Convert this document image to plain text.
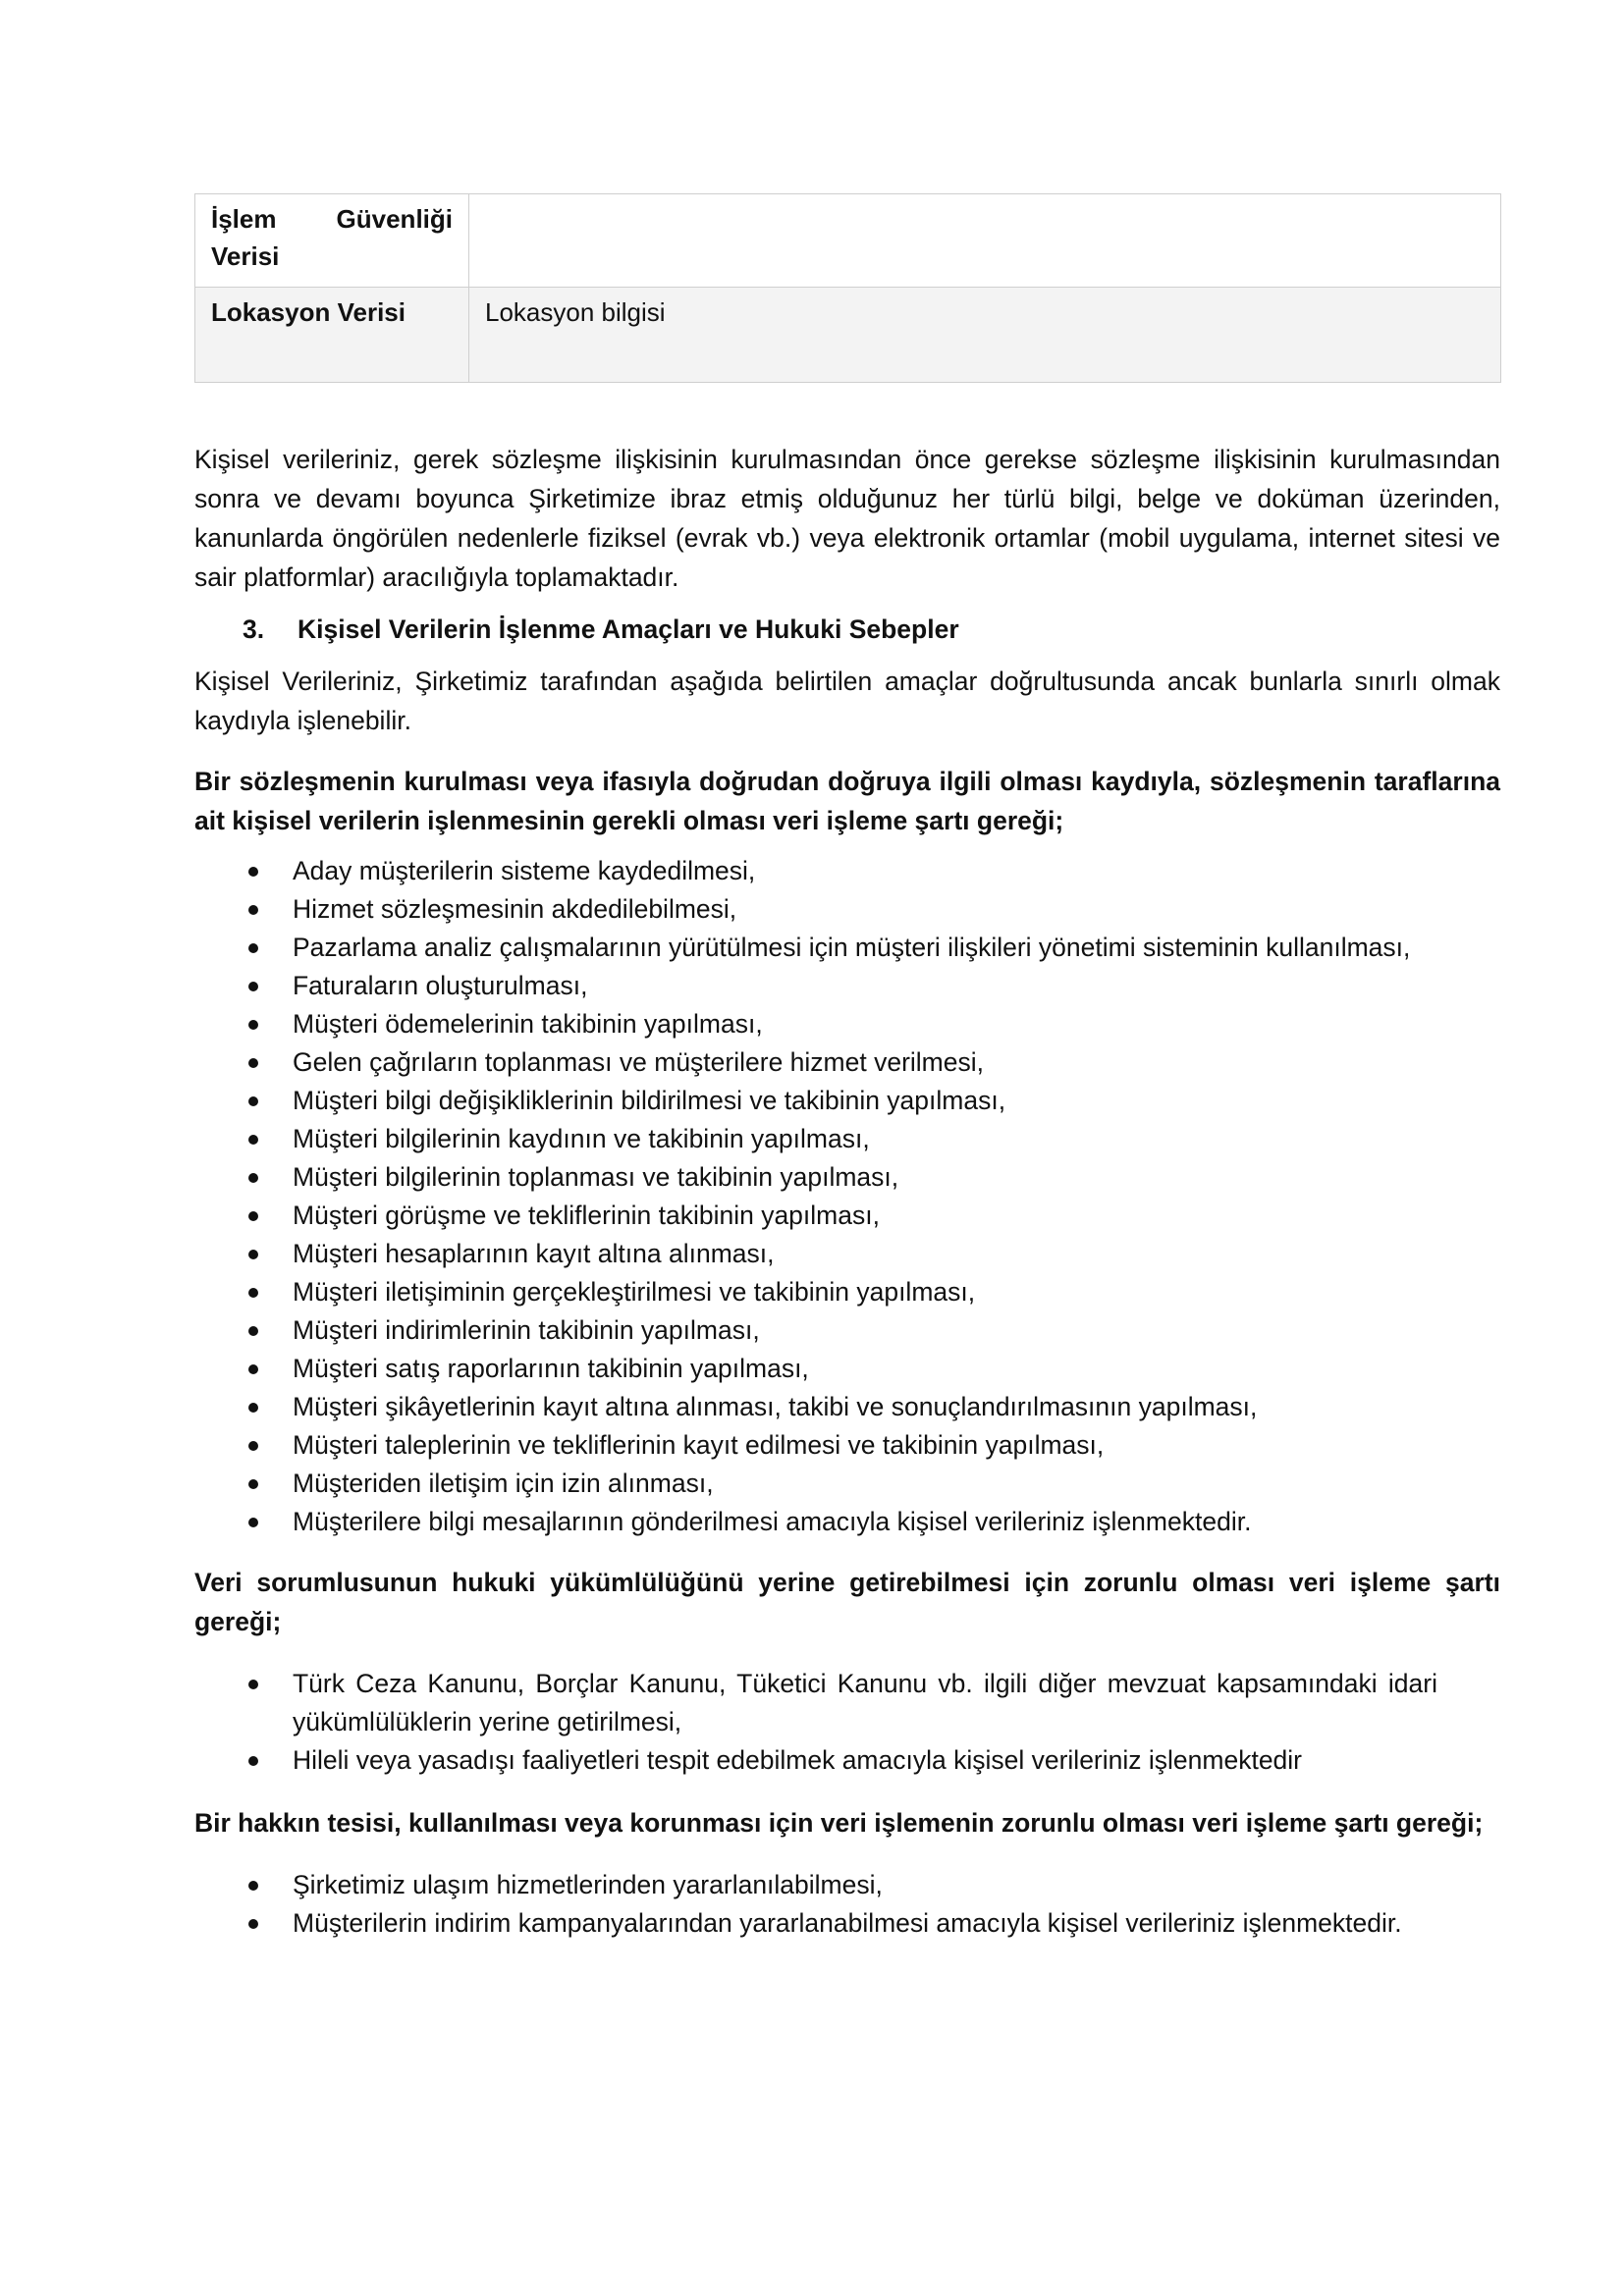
İşlem Güvenliği
Verisi	

Lokasyon Verisi	Lokasyon bilgisi

Kişisel verileriniz, gerek sözleşme ilişkisinin kurulmasından önce gerekse sözleşme ilişkisinin kurulmasından sonra ve devamı boyunca Şirketimize ibraz etmiş olduğunuz her türlü bilgi, belge ve doküman üzerinden, kanunlarda öngörülen nedenlerle fiziksel (evrak vb.) veya elektronik ortamlar (mobil uygulama, internet sitesi ve sair platformlar) aracılığıyla toplamaktadır.

3. Kişisel Verilerin İşlenme Amaçları ve Hukuki Sebepler

Kişisel Verileriniz, Şirketimiz tarafından aşağıda belirtilen amaçlar doğrultusunda ancak bunlarla sınırlı olmak kaydıyla işlenebilir.

Bir sözleşmenin kurulması veya ifasıyla doğrudan doğruya ilgili olması kaydıyla, sözleşmenin taraflarına ait kişisel verilerin işlenmesinin gerekli olması veri işleme şartı gereği;

Aday müşterilerin sisteme kaydedilmesi,
Hizmet sözleşmesinin akdedilebilmesi,
Pazarlama analiz çalışmalarının yürütülmesi için müşteri ilişkileri yönetimi sisteminin kullanılması,
Faturaların oluşturulması,
Müşteri ödemelerinin takibinin yapılması,
Gelen çağrıların toplanması ve müşterilere hizmet verilmesi,
Müşteri bilgi değişikliklerinin bildirilmesi ve takibinin yapılması,
Müşteri bilgilerinin kaydının ve takibinin yapılması,
Müşteri bilgilerinin toplanması ve takibinin yapılması,
Müşteri görüşme ve tekliflerinin takibinin yapılması,
Müşteri hesaplarının kayıt altına alınması,
Müşteri iletişiminin gerçekleştirilmesi ve takibinin yapılması,
Müşteri indirimlerinin takibinin yapılması,
Müşteri satış raporlarının takibinin yapılması,
Müşteri şikâyetlerinin kayıt altına alınması, takibi ve sonuçlandırılmasının yapılması,
Müşteri taleplerinin ve tekliflerinin kayıt edilmesi ve takibinin yapılması,
Müşteriden iletişim için izin alınması,
Müşterilere bilgi mesajlarının gönderilmesi amacıyla kişisel verileriniz işlenmektedir.

Veri sorumlusunun hukuki yükümlülüğünü yerine getirebilmesi için zorunlu olması veri işleme şartı gereği;

Türk Ceza Kanunu, Borçlar Kanunu, Tüketici Kanunu vb. ilgili diğer mevzuat kapsamındaki idari yükümlülüklerin yerine getirilmesi,
Hileli veya yasadışı faaliyetleri tespit edebilmek amacıyla kişisel verileriniz işlenmektedir

Bir hakkın tesisi, kullanılması veya korunması için veri işlemenin zorunlu olması veri işleme şartı gereği;

Şirketimiz ulaşım hizmetlerinden yararlanılabilmesi,
Müşterilerin indirim kampanyalarından yararlanabilmesi amacıyla kişisel verileriniz işlenmektedir.
